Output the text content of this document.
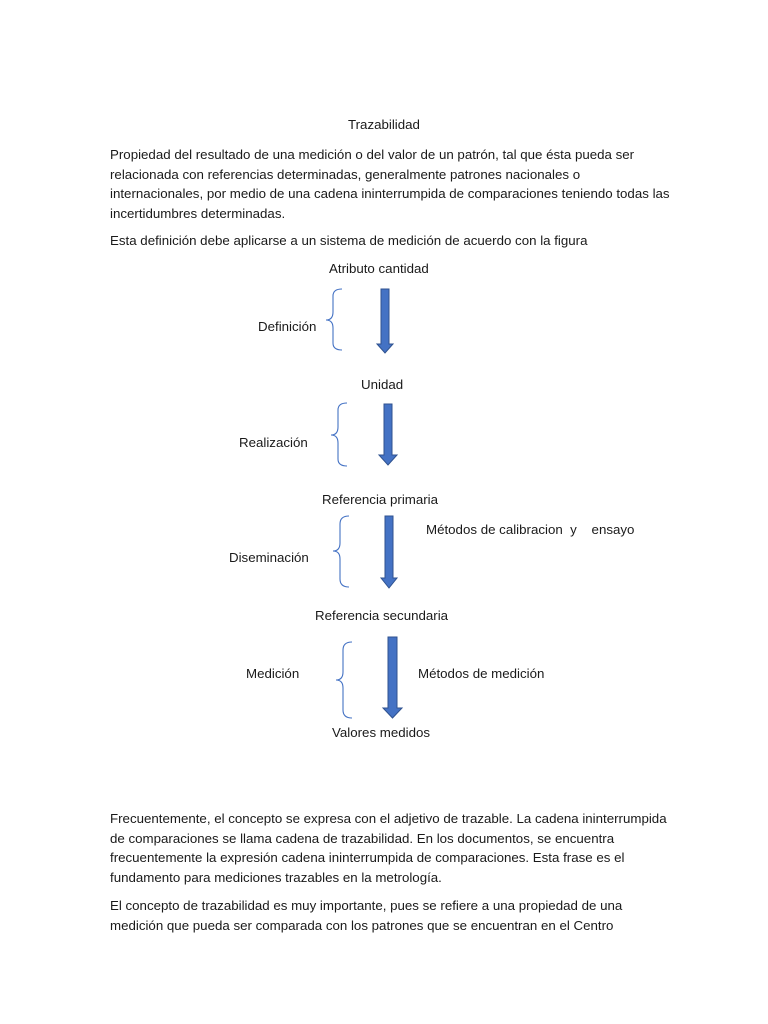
Trazabilidad

Propiedad del resultado de una medición o del valor de un patrón, tal que ésta pueda ser relacionada con referencias determinadas, generalmente patrones nacionales o internacionales, por medio de una cadena ininterrumpida de comparaciones teniendo todas las incertidumbres determinadas.

Esta definición debe aplicarse a un sistema de medición de acuerdo con la figura

Atributo cantidad
Unidad
Referencia primaria
Referencia secundaria
Valores medidos
Definición
Realización
Diseminación
Medición
Métodos de calibracion  y    ensayo
Métodos de medición

Frecuentemente, el concepto se expresa con el adjetivo de trazable. La cadena ininterrumpida de comparaciones se llama cadena de trazabilidad. En los documentos, se encuentra frecuentemente la expresión cadena ininterrumpida de comparaciones. Esta frase es el fundamento para mediciones trazables en la metrología.

El concepto de trazabilidad es muy importante, pues se refiere a una propiedad de una medición que pueda ser comparada con los patrones que se encuentran en el Centro
